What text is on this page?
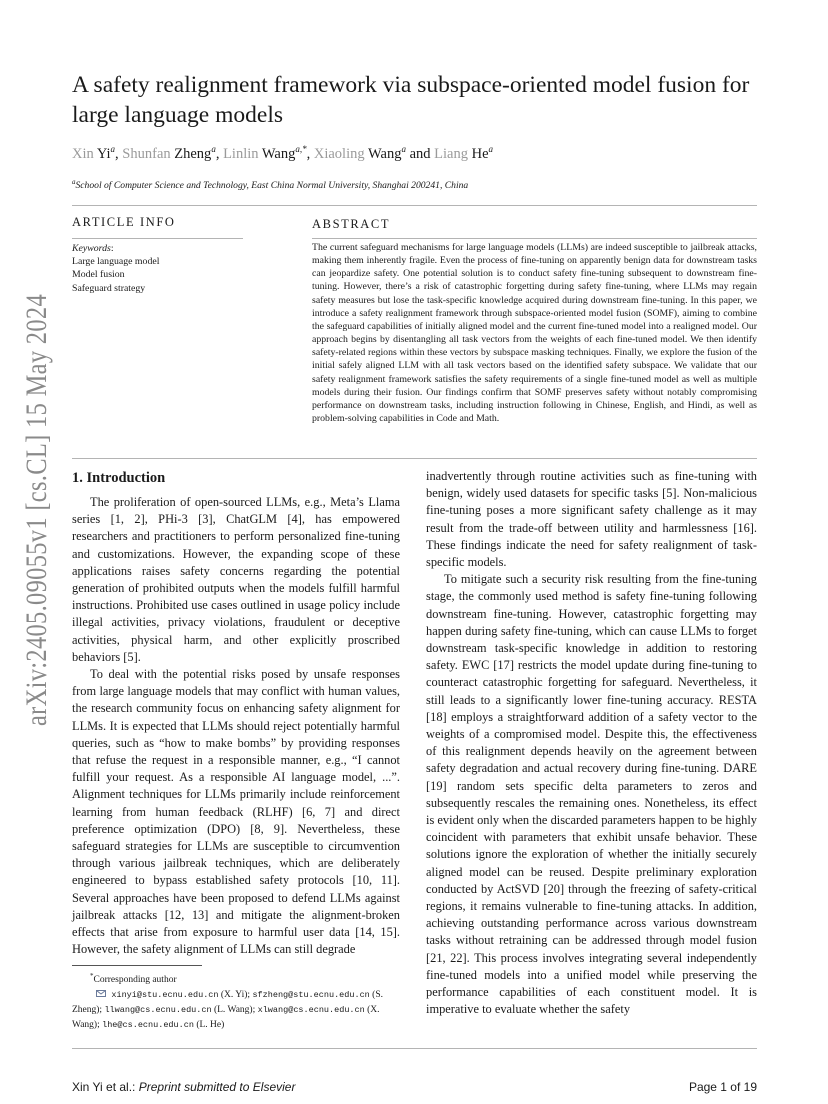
arXiv:2405.09055v1 [cs.CL] 15 May 2024
A safety realignment framework via subspace-oriented model fusion for large language models
Xin Yi$^a$, Shunfan Zheng$^a$, Linlin Wang$^{a,*}$, Xiaoling Wang$^a$ and Liang He$^a$
$^a$School of Computer Science and Technology, East China Normal University, Shanghai 200241, China
ARTICLE INFO	ABSTRACT
Keywords:
Large language model
Model fusion
Safeguard strategy
The current safeguard mechanisms for large language models (LLMs) are indeed susceptible to jailbreak attacks, making them inherently fragile. Even the process of fine-tuning on apparently benign data for downstream tasks can jeopardize safety. One potential solution is to conduct safety fine-tuning subsequent to downstream fine-tuning. However, there’s a risk of catastrophic forgetting during safety fine-tuning, where LLMs may regain safety measures but lose the task-specific knowledge acquired during downstream fine-tuning. In this paper, we introduce a safety realignment framework through subspace-oriented model fusion (SOMF), aiming to combine the safeguard capabilities of initially aligned model and the current fine-tuned model into a realigned model. Our approach begins by disentangling all task vectors from the weights of each fine-tuned model. We then identify safety-related regions within these vectors by subspace masking techniques. Finally, we explore the fusion of the initial safely aligned LLM with all task vectors based on the identified safety subspace. We validate that our safety realignment framework satisfies the safety requirements of a single fine-tuned model as well as multiple models during their fusion. Our findings confirm that SOMF preserves safety without notably compromising performance on downstream tasks, including instruction following in Chinese, English, and Hindi, as well as problem-solving capabilities in Code and Math.
1. Introduction

The proliferation of open-sourced LLMs, e.g., Meta’s Llama series [1, 2], PHi-3 [3], ChatGLM [4], has empowered researchers and practitioners to perform personalized fine-tuning and customizations. However, the expanding scope of these applications raises safety concerns regarding the potential generation of prohibited outputs when the models fulfill harmful instructions. Prohibited use cases outlined in usage policy include illegal activities, privacy violations, fraudulent or deceptive activities, physical harm, and other explicitly proscribed behaviors [5].

To deal with the potential risks posed by unsafe responses from large language models that may conflict with human values, the research community focus on enhancing safety alignment for LLMs. It is expected that LLMs should reject potentially harmful queries, such as “how to make bombs” by providing responses that refuse the request in a responsible manner, e.g., “I cannot fulfill your request. As a responsible AI language model, ...”. Alignment techniques for LLMs primarily include reinforcement learning from human feedback (RLHF) [6, 7] and direct preference optimization (DPO) [8, 9]. Nevertheless, these safeguard strategies for LLMs are susceptible to circumvention through various jailbreak techniques, which are deliberately engineered to bypass established safety protocols [10, 11]. Several approaches have been proposed to defend LLMs against jailbreak attacks [12, 13] and mitigate the alignment-broken effects that arise from exposure to harmful user data [14, 15]. However, the safety alignment of LLMs can still degrade

inadvertently through routine activities such as fine-tuning with benign, widely used datasets for specific tasks [5]. Non-malicious fine-tuning poses a more significant safety challenge as it may result from the trade-off between utility and harmlessness [16]. These findings indicate the need for safety realignment of task-specific models.

To mitigate such a security risk resulting from the fine-tuning stage, the commonly used method is safety fine-tuning following downstream fine-tuning. However, catastrophic forgetting may happen during safety fine-tuning, which can cause LLMs to forget downstream task-specific knowledge in addition to restoring safety. EWC [17] restricts the model update during fine-tuning to counteract catastrophic forgetting for safeguard. Nevertheless, it still leads to a significantly lower fine-tuning accuracy. RESTA [18] employs a straightforward addition of a safety vector to the weights of a compromised model. Despite this, the effectiveness of this realignment depends heavily on the agreement between safety degradation and actual recovery during fine-tuning. DARE [19] random sets specific delta parameters to zeros and subsequently rescales the remaining ones. Nonetheless, its effect is evident only when the discarded parameters happen to be highly coincident with parameters that exhibit unsafe behavior. These solutions ignore the exploration of whether the initially securely aligned model can be reused. Despite preliminary exploration conducted by ActSVD [20] through the freezing of safety-critical regions, it remains vulnerable to fine-tuning attacks. In addition, achieving outstanding performance across various downstream tasks without retraining can be addressed through model fusion [21, 22]. This process involves integrating several independently fine-tuned models into a unified model while preserving the performance capabilities of each constituent model. It is imperative to evaluate whether the safety

*Corresponding author
xinyi@stu.ecnu.edu.cn (X. Yi); sfzheng@stu.ecnu.edu.cn (S. Zheng); llwang@cs.ecnu.edu.cn (L. Wang); xlwang@cs.ecnu.edu.cn (X. Wang); lhe@cs.ecnu.edu.cn (L. He)
Xin Yi et al.: Preprint submitted to Elsevier	Page 1 of 19
